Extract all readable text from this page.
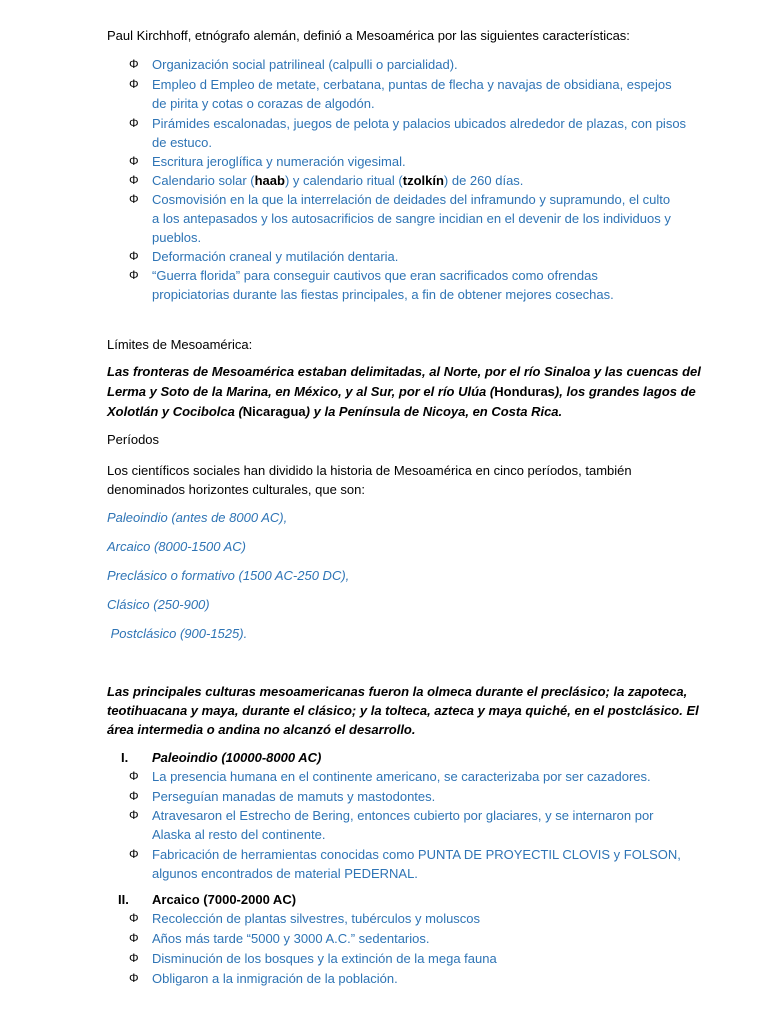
Paul Kirchhoff, etnógrafo alemán, definió a Mesoamérica por las siguientes características:
Φ Organización social patrilineal (calpulli o parcialidad).
Φ Empleo d Empleo de metate, cerbatana, puntas de flecha y navajas de obsidiana, espejos
de pirita y cotas o corazas de algodón.
Φ Pirámides escalonadas, juegos de pelota y palacios ubicados alrededor de plazas, con pisos
de estuco.
Φ Escritura jeroglífica y numeración vigesimal.
Φ Calendario solar (haab) y calendario ritual (tzolkín) de 260 días.
Φ Cosmovisión en la que la interrelación de deidades del inframundo y supramundo, el culto
a los antepasados y los autosacrificios de sangre incidian en el devenir de los individuos y
pueblos.
Φ Deformación craneal y mutilación dentaria.
Φ “Guerra florida” para conseguir cautivos que eran sacrificados como ofrendas
propiciatorias durante las fiestas principales, a fin de obtener mejores cosechas.
Límites de Mesoamérica:
Las fronteras de Mesoamérica estaban delimitadas, al Norte, por el río Sinaloa y las cuencas del
Lerma y Soto de la Marina, en México, y al Sur, por el río Ulúa (Honduras), los grandes lagos de
Xolotlán y Cocibolca (Nicaragua) y la Península de Nicoya, en Costa Rica.
Períodos
Los científicos sociales han dividido la historia de Mesoamérica en cinco períodos, también
denominados horizontes culturales, que son:
Paleoindio (antes de 8000 AC),
Arcaico (8000-1500 AC)
Preclásico o formativo (1500 AC-250 DC),
Clásico (250-900)
Postclásico (900-1525).
Las principales culturas mesoamericanas fueron la olmeca durante el preclásico; la zapoteca,
teotihuacana y maya, durante el clásico; y la tolteca, azteca y maya quiché, en el postclásico. El
área intermedia o andina no alcanzó el desarrollo.
I. Paleoindio (10000-8000 AC)
Φ La presencia humana en el continente americano, se caracterizaba por ser cazadores.
Φ Perseguían manadas de mamuts y mastodontes.
Φ Atravesaron el Estrecho de Bering, entonces cubierto por glaciares, y se internaron por
Alaska al resto del continente.
Φ Fabricación de herramientas conocidas como PUNTA DE PROYECTIL CLOVIS y FOLSON,
algunos encontrados de material PEDERNAL.
II. Arcaico (7000-2000 AC)
Φ Recolección de plantas silvestres, tubérculos y moluscos
Φ Años más tarde “5000 y 3000 A.C.” sedentarios.
Φ Disminución de los bosques y la extinción de la mega fauna
Φ Obligaron a la inmigración de la población.
